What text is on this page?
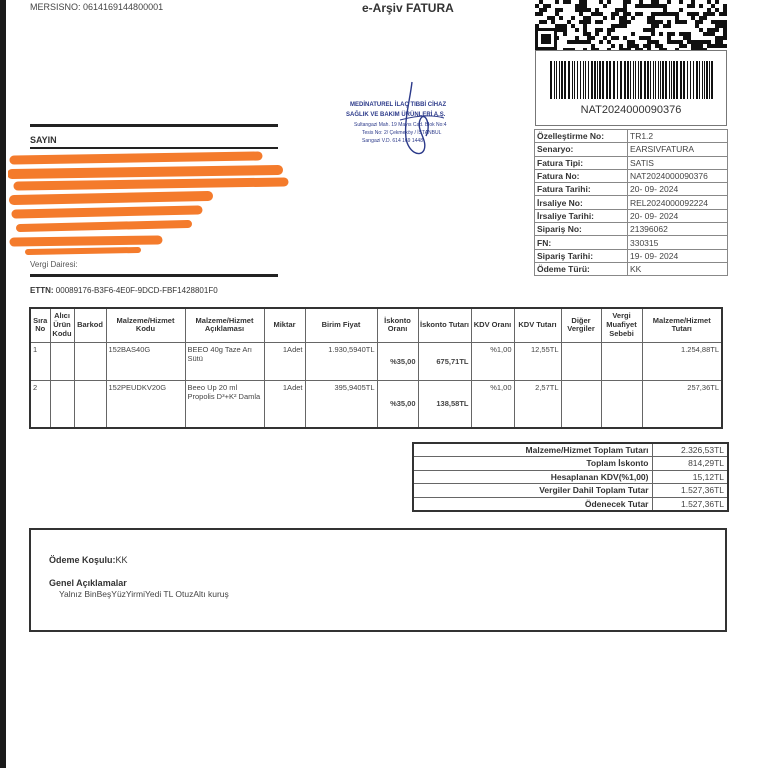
MERSISNO: 0614169144800001	e-Arşiv FATURA
NAT2024000090376
MEDİNATUREL İLAÇ TIBBİ CİHAZ
SAĞLIK VE BAKIM ÜRÜNLERİ A.Ş.
Sultangazi Mah. 19 Mayıs Cad. Blok No:4
Tesis No: 2/ Çekmeköy / İSTANBUL
Sarıgazi V.D. 614 169 1448
SAYIN
Vergi Dairesi:
ETTN: 00089176-B3F6-4E0F-9DCD-FBF1428801F0
Özelleştirme No:	TR1.2
Senaryo:	EARSIVFATURA
Fatura Tipi:	SATIS
Fatura No:	NAT2024000090376
Fatura Tarihi:	20- 09- 2024
İrsaliye No:	REL2024000092224
İrsaliye Tarihi:	20- 09- 2024
Sipariş No:	21396062
FN:	330315
Sipariş Tarihi:	19- 09- 2024
Ödeme Türü:	KK
Sıra No	Alıcı Ürün Kodu	Barkod	Malzeme/Hizmet Kodu	Malzeme/Hizmet Açıklaması	Miktar	Birim Fiyat	İskonto Oranı	İskonto Tutarı	KDV Oranı	KDV Tutarı	Diğer Vergiler	Vergi Muafiyet Sebebi	Malzeme/Hizmet Tutarı
1			152BAS40G	BEEO 40g Taze Arı Sütü	1Adet	1.930,5940TL	%35,00	675,71TL	%1,00	12,55TL			1.254,88TL
2			152PEUDKV20G	Beeo Up 20 ml Propolis D³+K² Damla	1Adet	395,9405TL	%35,00	138,58TL	%1,00	2,57TL			257,36TL
Malzeme/Hizmet Toplam Tutarı	2.326,53TL
Toplam İskonto	814,29TL
Hesaplanan KDV(%1,00)	15,12TL
Vergiler Dahil Toplam Tutar	1.527,36TL
Ödenecek Tutar	1.527,36TL
Ödeme Koşulu:KK
Genel Açıklamalar
Yalnız BinBeşYüzYirmiYedi TL OtuzAltı kuruş
